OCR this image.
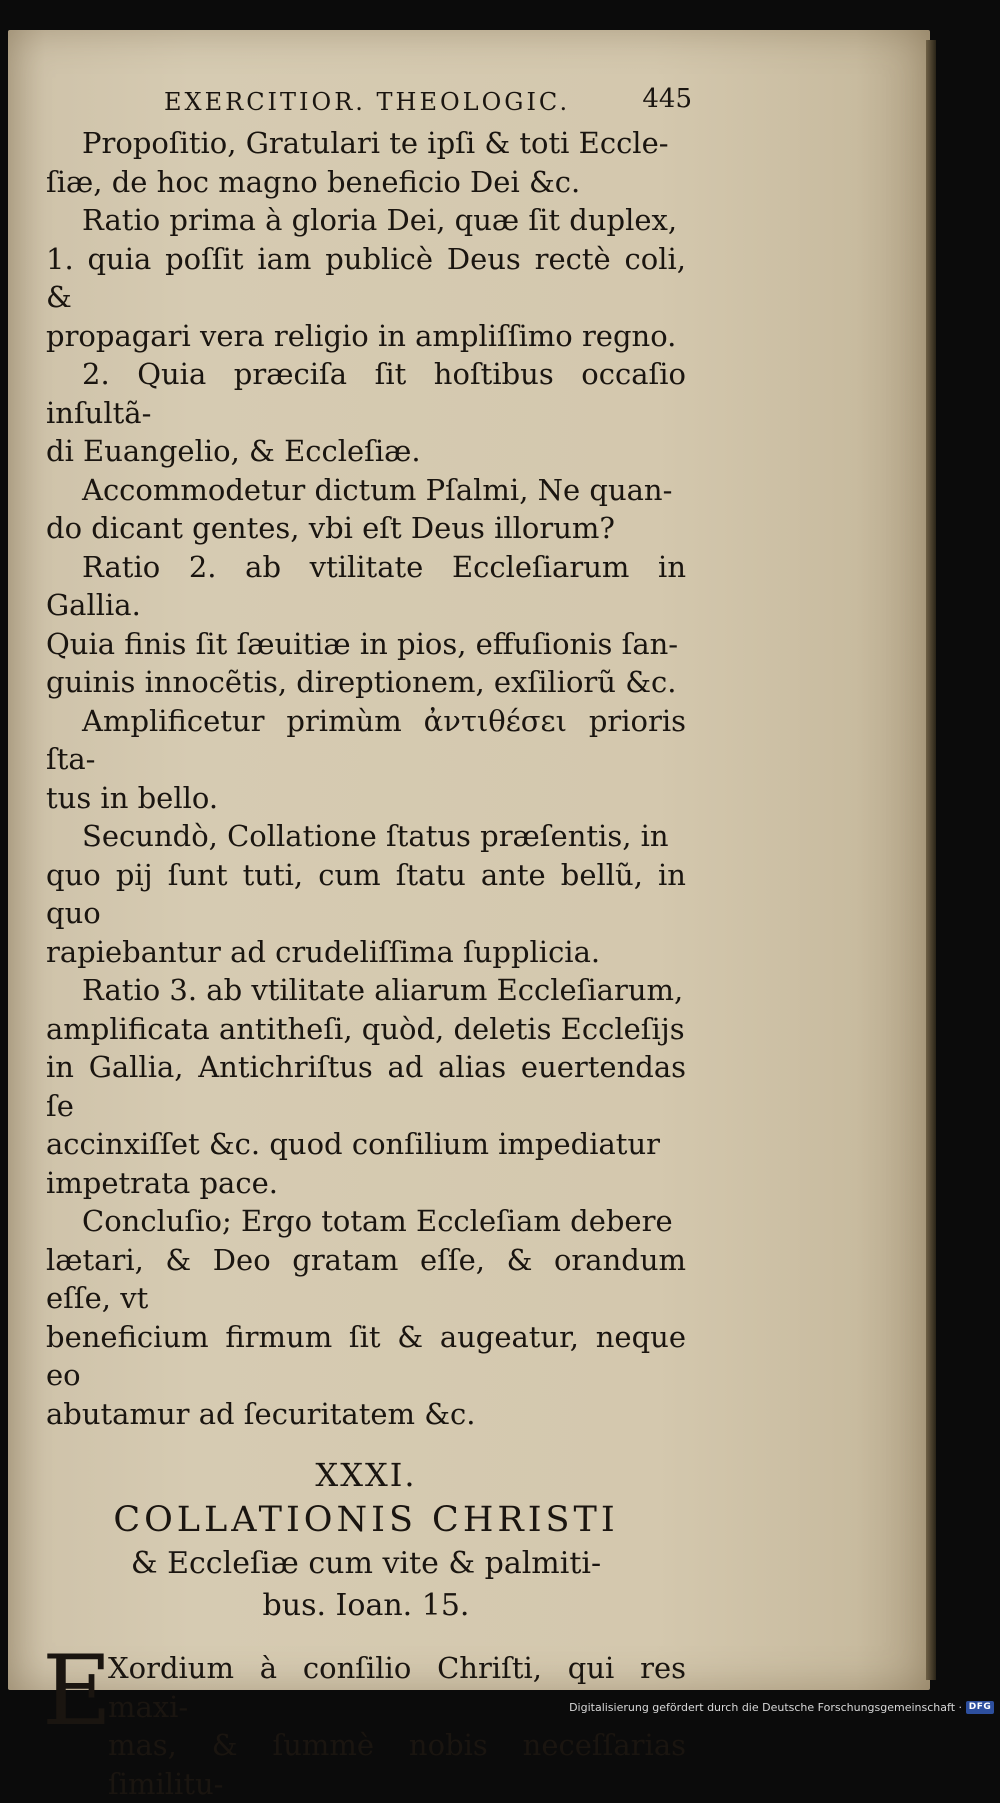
EXERCITIOR. THEOLOGIC.	445

Propoſitio, Gratulari te ipſi & toti Eccle-
ſiæ, de hoc magno beneficio Dei &c.

Ratio prima à gloria Dei, quæ ſit duplex,
1. quia poſſit iam publicè Deus rectè coli, &
propagari vera religio in ampliſſimo regno.

2. Quia præciſa ſit hoſtibus occaſio inſultã-
di Euangelio, & Eccleſiæ.

Accommodetur dictum Pſalmi, Ne quan-
do dicant gentes, vbi eſt Deus illorum?

Ratio 2. ab vtilitate Eccleſiarum in Gallia.
Quia finis ſit ſæuitiæ in pios, effuſionis ſan-
guinis innocẽtis, direptionem, exſiliorũ &c.

Amplificetur primùm ἀντιθέσει prioris ſta-
tus in bello.

Secundò, Collatione ſtatus præſentis, in
quo pij ſunt tuti, cum ſtatu ante bellũ, in quo
rapiebantur ad crudeliſſima ſupplicia.

Ratio 3. ab vtilitate aliarum Eccleſiarum,
amplificata antitheſi, quòd, deletis Eccleſijs
in Gallia, Antichriſtus ad alias euertendas ſe
accinxiſſet &c. quod conſilium impediatur
impetrata pace.

Concluſio; Ergo totam Eccleſiam debere
lætari, & Deo gratam eſſe, & orandum eſſe, vt
beneficium firmum ſit & augeatur, neque eo
abutamur ad ſecuritatem &c.

XXXI.
COLLATIONIS CHRISTI
& Eccleſiæ cum vite & palmiti-
bus. Ioan. 15.
E
Xordium à conſilio Chriſti, qui res maxi-
mas, & ſummè nobis neceſſarias ſimilitu-
Digitalisierung gefördert durch die Deutsche Forschungsgemeinschaft · DFG
